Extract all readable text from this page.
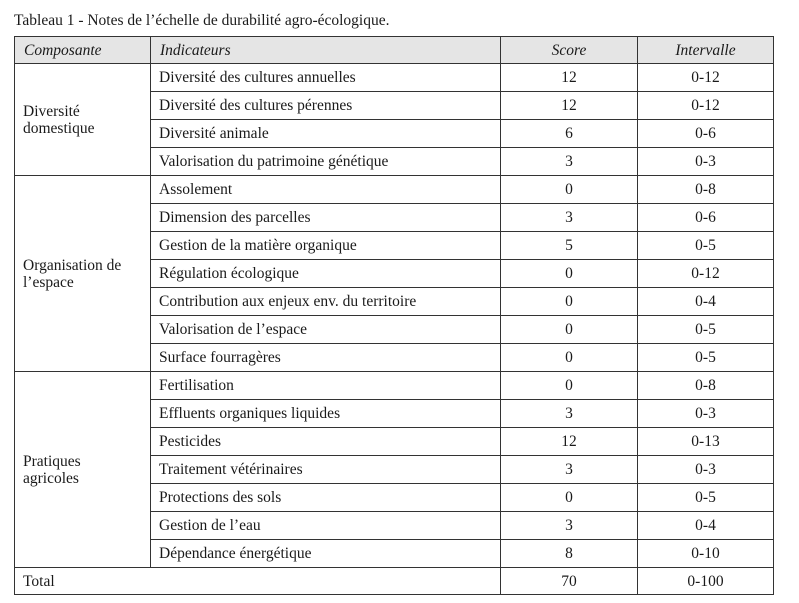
Tableau 1 - Notes de l’échelle de durabilité agro-écologique.
Composante	Indicateurs	Score	Intervalle
Diversité
domestique	Diversité des cultures annuelles	12	0-12
	Diversité des cultures pérennes	12	0-12
	Diversité animale	6	0-6
	Valorisation du patrimoine génétique	3	0-3
Organisation de
l’espace	Assolement	0	0-8
	Dimension des parcelles	3	0-6
	Gestion de la matière organique	5	0-5
	Régulation écologique	0	0-12
	Contribution aux enjeux env. du territoire	0	0-4
	Valorisation de l’espace	0	0-5
	Surface fourragères	0	0-5
Pratiques
agricoles	Fertilisation	0	0-8
	Effluents organiques liquides	3	0-3
	Pesticides	12	0-13
	Traitement vétérinaires	3	0-3
	Protections des sols	0	0-5
	Gestion de l’eau	3	0-4
	Dépendance énergétique	8	0-10
Total		70	0-100
